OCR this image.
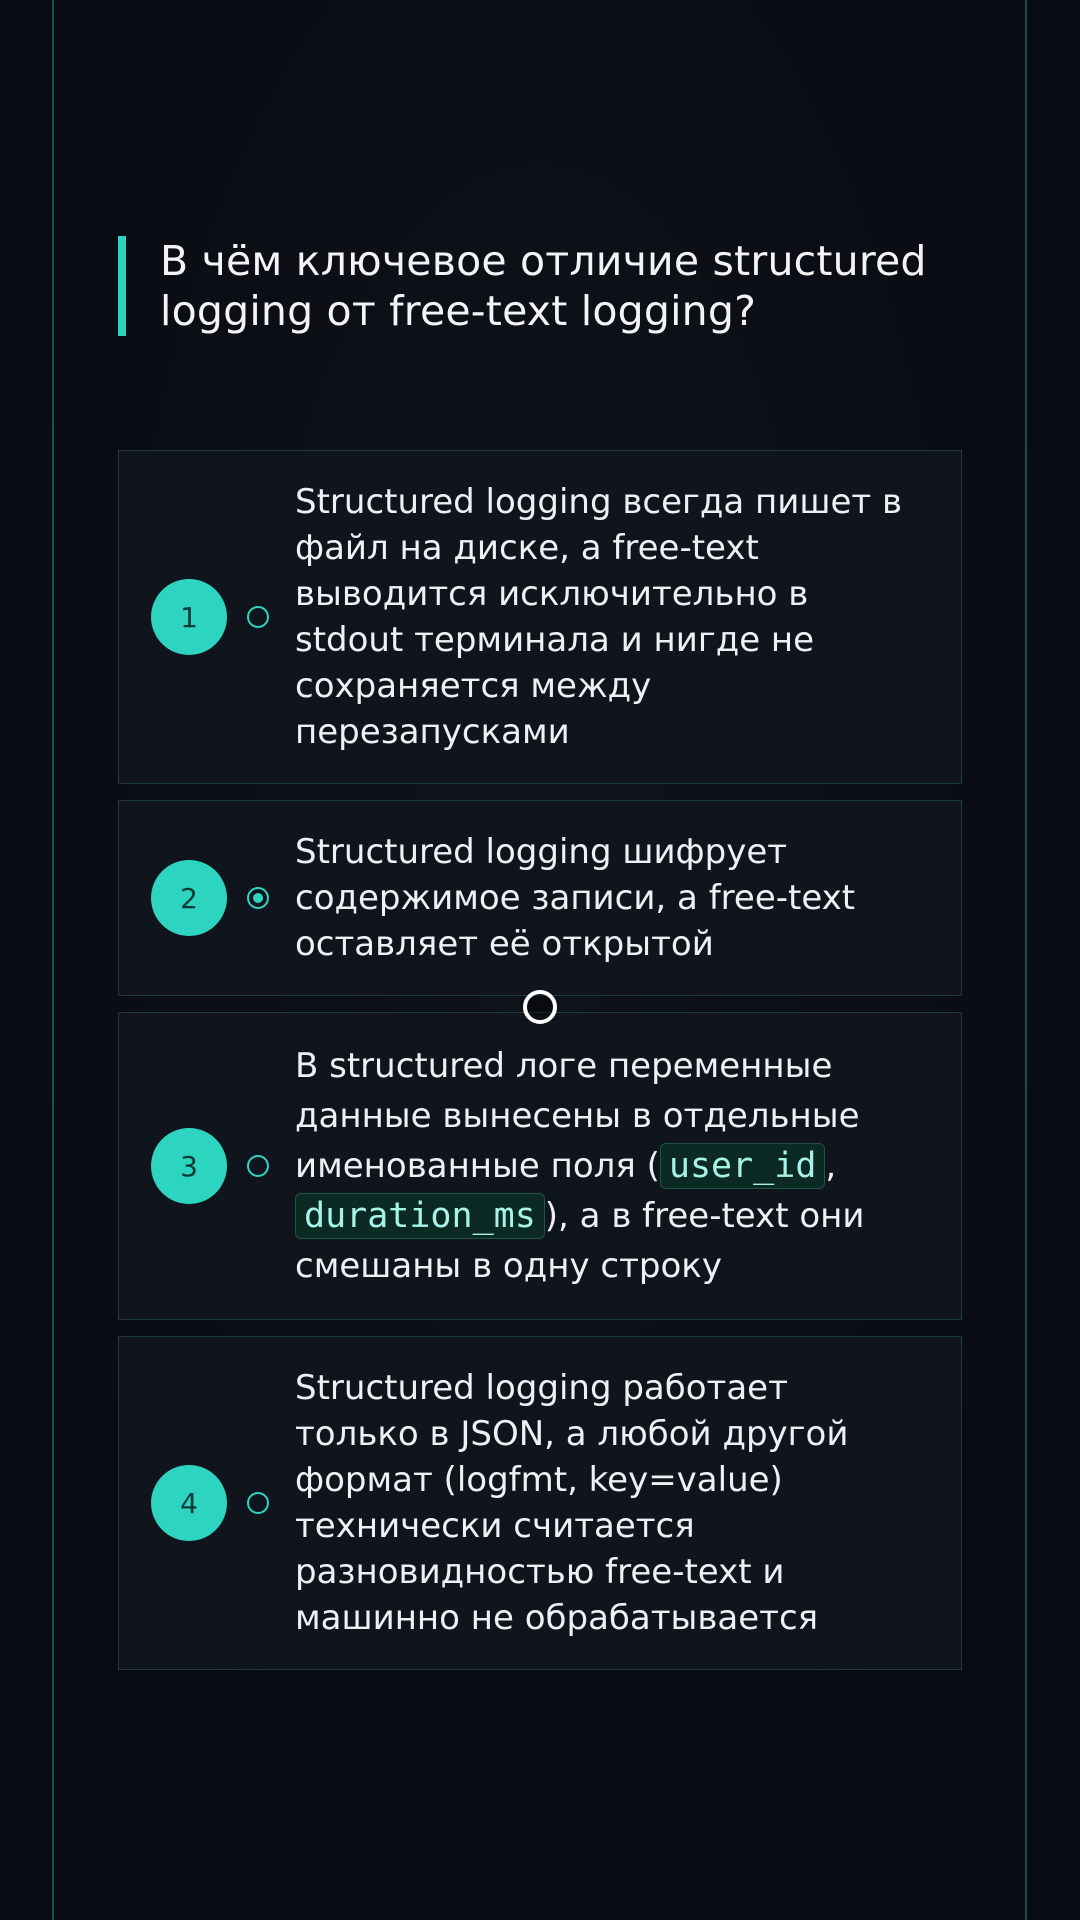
В чём ключевое отличие structured logging от free-text logging?
1
Structured logging всегда пишет в файл на диске, а free-text выводится исключительно в stdout терминала и нигде не сохраняется между перезапусками
2
Structured logging шифрует содержимое записи, а free-text оставляет её открытой
3
В structured логе переменные данные вынесены в отдельные именованные поля ( user_id , duration_ms ), а в free-text они смешаны в одну строку
4
Structured logging работает только в JSON, а любой другой формат (logfmt, key=value) технически считается разновидностью free-text и машинно не обрабатывается
